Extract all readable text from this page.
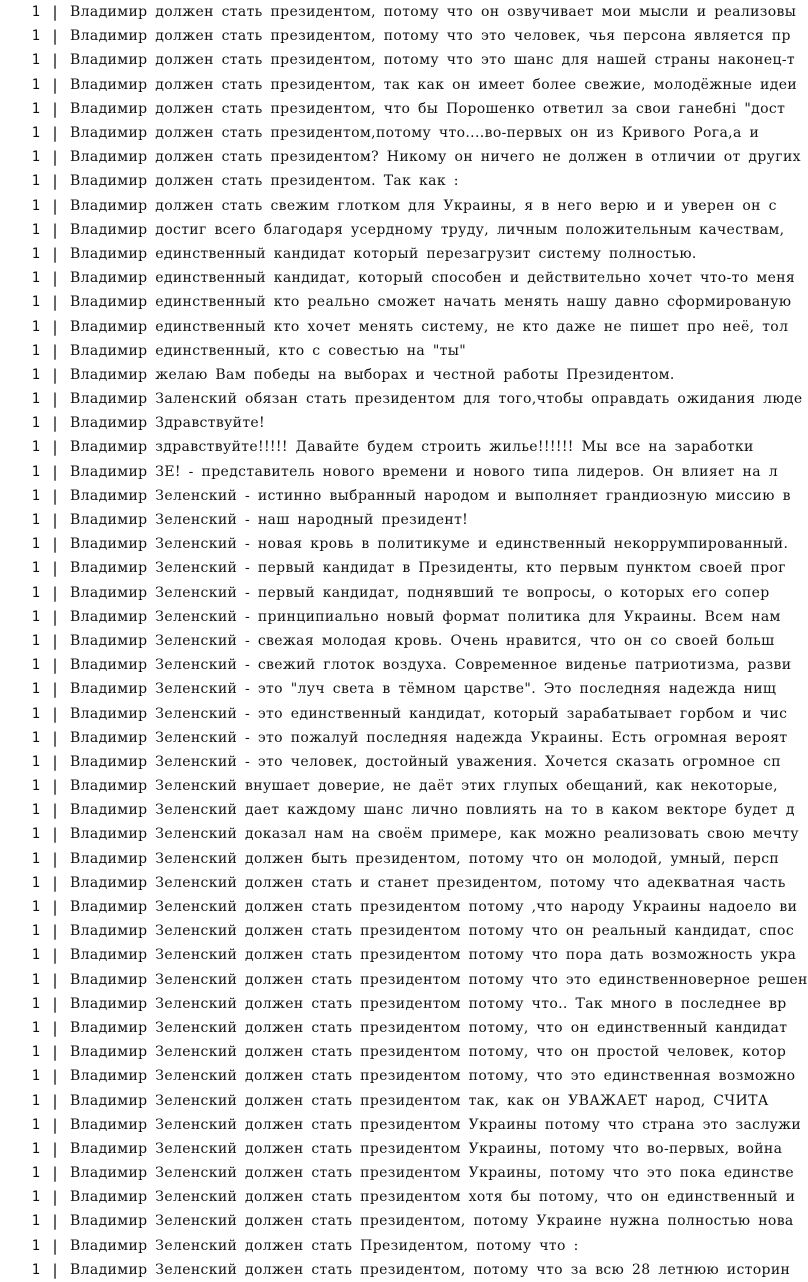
1 | Владимир должен стать президентом, потому что он озвучивает мои мысли и реализовы
1 | Владимир должен стать президентом, потому что это человек, чья персона является пр
1 | Владимир должен стать президентом, потому что это шанс для нашей страны наконец-т
1 | Владимир должен стать президентом, так как он имеет более свежие, молодёжные идеи
1 | Владимир должен стать президентом, что бы Порошенко ответил за свои ганебні "дост
1 | Владимир должен стать президентом,потому что....во-первых он из Кривого Рога,а и
1 | Владимир должен стать президентом? Никому он ничего не должен в отличии от других
1 | Владимир должен стать президентом. Так как :
1 | Владимир должен стать свежим глотком для Украины, я в него верю и и уверен он с
1 | Владимир достиг всего благодаря усердному труду, личным положительным качествам,
1 | Владимир единственный кандидат который перезагрузит систему полностью.
1 | Владимир единственный кандидат, который способен и действительно хочет что-то меня
1 | Владимир единственный кто реально сможет начать менять нашу давно сформированую
1 | Владимир единственный кто хочет менять систему, не кто даже не пишет про неё, тол
1 | Владимир единственный, кто с совестью на "ты"
1 | Владимир желаю Вам победы на выборах и честной работы Президентом.
1 | Владимир Заленский обязан стать президентом для того,чтобы оправдать ожидания люде
1 | Владимир Здравствуйте!
1 | Владимир здравствуйте!!!!! Давайте будем строить жилье!!!!!! Мы все на заработки
1 | Владимир ЗЕ! - представитель нового времени и нового типа лидеров. Он влияет на л
1 | Владимир Зеленский - истинно выбранный народом и выполняет грандиозную миссию в
1 | Владимир Зеленский - наш народный президент!
1 | Владимир Зеленский - новая кровь в политикуме и единственный некоррумпированный.
1 | Владимир Зеленский - первый кандидат в Президенты, кто первым пунктом своей прог
1 | Владимир Зеленский - первый кандидат, поднявший те вопросы, о которых его сопер
1 | Владимир Зеленский - принципиально новый формат политика для Украины. Всем нам
1 | Владимир Зеленский - свежая молодая кровь. Очень нравится, что он со своей больш
1 | Владимир Зеленский - свежий глоток воздуха. Современное виденье патриотизма, разви
1 | Владимир Зеленский - это "луч света в тёмном царстве". Это последняя надежда нищ
1 | Владимир Зеленский - это единственный кандидат, который зарабатывает горбом и чис
1 | Владимир Зеленский - это пожалуй последняя надежда Украины. Есть огромная вероят
1 | Владимир Зеленский - это человек, достойный уважения. Хочется сказать огромное сп
1 | Владимир Зеленский внушает доверие, не даёт этих глупых обещаний, как некоторые,
1 | Владимир Зеленский дает каждому шанс лично повлиять на то в каком векторе будет д
1 | Владимир Зеленский доказал нам на своём примере, как можно реализовать свою мечту
1 | Владимир Зеленский должен быть президентом, потому что он молодой, умный, персп
1 | Владимир Зеленский должен стать и станет президентом, потому что адекватная часть
1 | Владимир Зеленский должен стать президентом потому ,что народу Украины надоело ви
1 | Владимир Зеленский должен стать президентом потому что он реальный кандидат, спос
1 | Владимир Зеленский должен стать президентом потому что пора дать возможность укра
1 | Владимир Зеленский должен стать президентом потому что это единственноверное решен
1 | Владимир Зеленский должен стать президентом потому что.. Так много в последнее вр
1 | Владимир Зеленский должен стать президентом потому, что он единственный кандидат
1 | Владимир Зеленский должен стать президентом потому, что он простой человек, котор
1 | Владимир Зеленский должен стать президентом потому, что это единственная возможно
1 | Владимир Зеленский должен стать президентом так, как он УВАЖАЕТ народ, СЧИТА
1 | Владимир Зеленский должен стать президентом Украины потому что страна это заслужи
1 | Владимир Зеленский должен стать президентом Украины, потому что во-первых, война
1 | Владимир Зеленский должен стать президентом Украины, потому что это пока единстве
1 | Владимир Зеленский должен стать президентом хотя бы потому, что он единственный и
1 | Владимир Зеленский должен стать президентом, потому Украине нужна полностью нова
1 | Владимир Зеленский должен стать Президентом, потому что :
1 | Владимир Зеленский должен стать президентом, потому что за всю 28 летнюю историн
